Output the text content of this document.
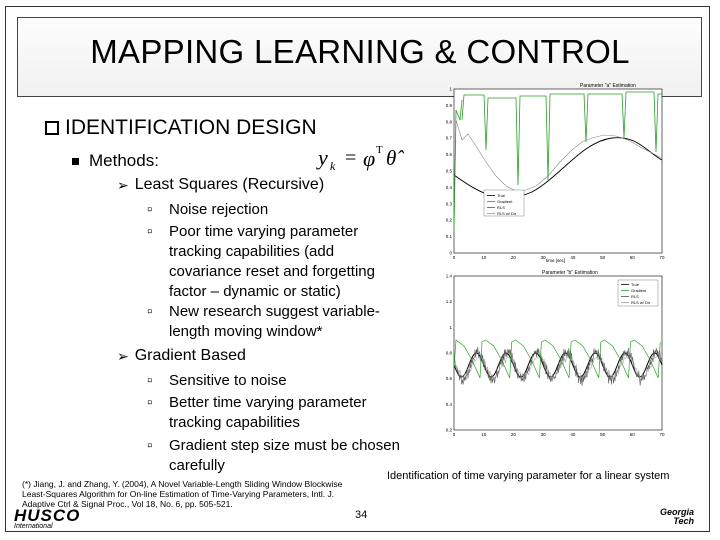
MAPPING LEARNING & CONTROL
IDENTIFICATION DESIGN
Methods:	y k = φ T θ̂
➢ Least Squares (Recursive)
▫ Noise rejection
▫ Poor time varying parameter tracking capabilities (add covariance reset and forgetting factor – dynamic or static)
▫ New research suggest variable-length moving window*
➢ Gradient Based
▫ Sensitive to noise
▫ Better time varying parameter tracking capabilities
▫ Gradient step size must be chosen carefully
Parameter "a" Estimation
1
0.9
0.8
0.7
0.6
0.5
0.4
0.3
0.2
0.1
0
0	10	20	30	40	50	60	70
True
Gradient
RLS
RLS w/ Dir
time [sec]
Parameter "b" Estimation
1.4
1.2
1
0.8
0.6
0.4
0.2
0	10	20	30	40	50	60	70
True
Gradient
RLS
RLS w/ Dir
Identification of time varying parameter for a linear system
(*) Jiang, J. and Zhang, Y. (2004), A Novel Variable-Length Sliding Window Blockwise Least-Squares Algorithm for On-line Estimation of Time-Varying Parameters, Intl. J. Adaptive Ctrl & Signal Proc., Vol 18, No. 6, pp. 505-521.
34
HUSCO
International
Georgia
Tech
